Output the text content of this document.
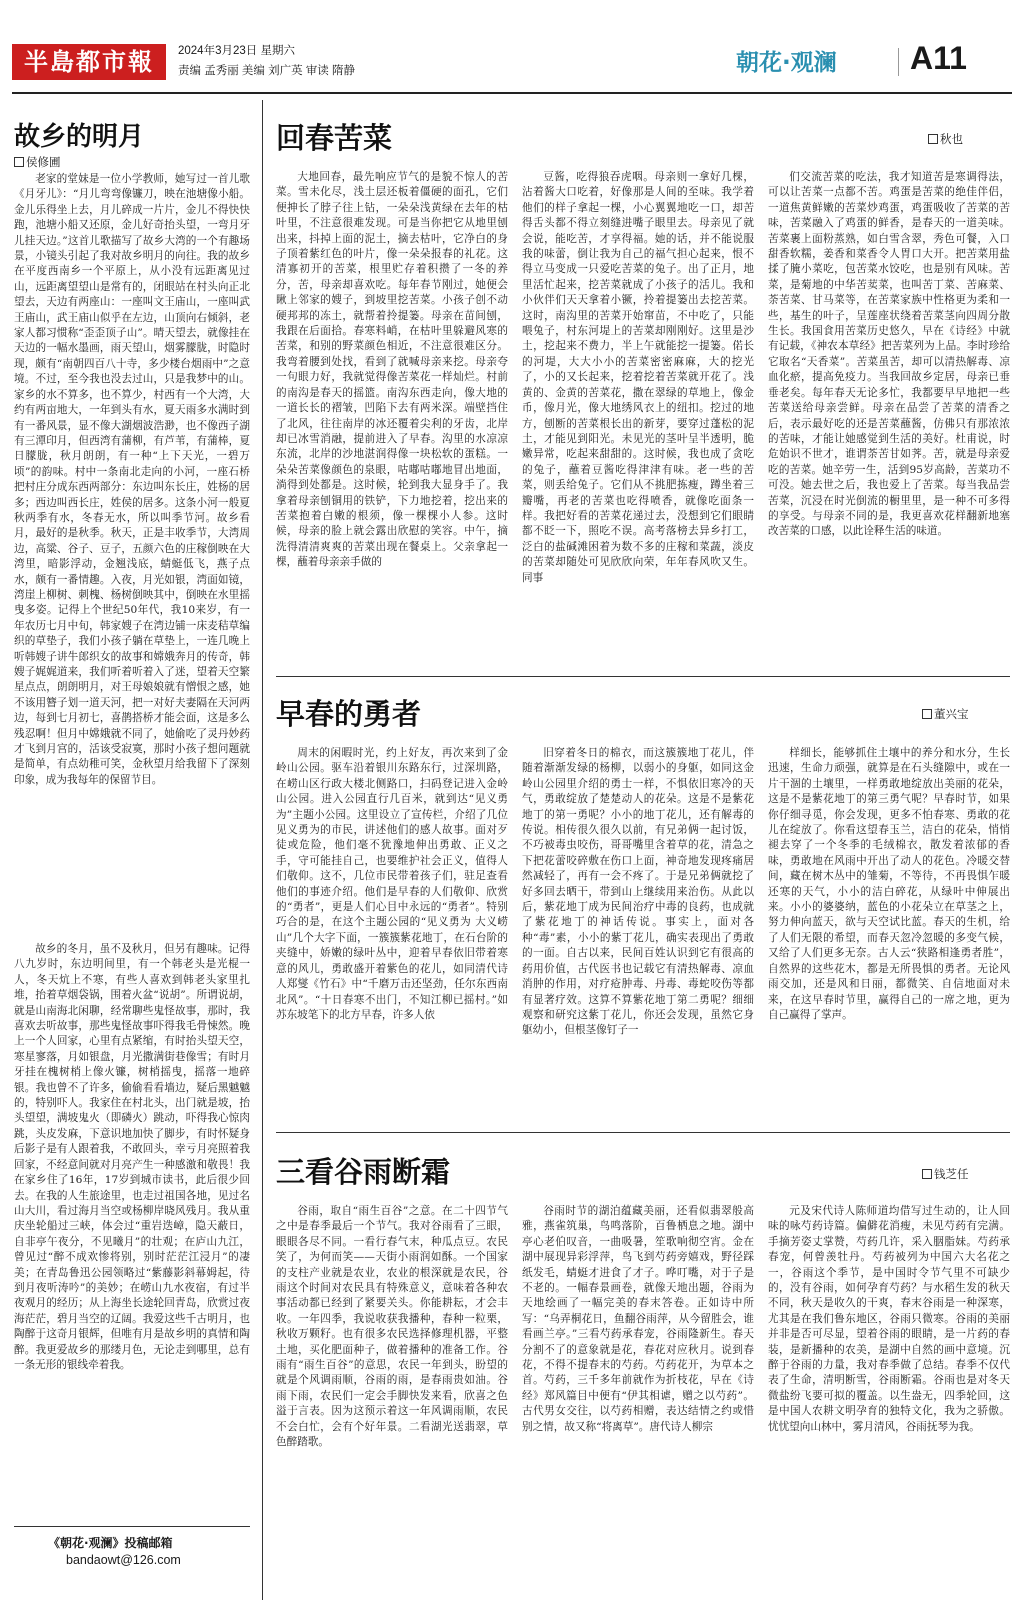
半島都市報	2024年3月23日 星期六
责编 孟秀丽 美编 刘广英 审读 隋静	朝花·观澜 A11
故乡的明月
侯修圃

老家的堂妹是一位小学教师，她写过一首儿歌《月牙儿》：“月儿弯弯像镰刀，映在池塘像小船。金儿乐得坐上去，月儿碎成一片片，金儿不得快快跑，池塘小船又还原，金儿好奇抬头望，一弯月牙儿挂天边。”这首儿歌描写了故乡大湾的一个有趣场景，小镜头引起了我对故乡明月的向往。我的故乡在平度西南乡一个平原上，从小没有远距离见过山，远距离望望山是常有的，闭眼站在村头向正北望去，天边有两座山：一座叫文王庙山，一座叫武王庙山，武王庙山似乎在左边，山顶向右倾斜，老家人都习惯称“歪歪顶子山”。晴天望去，就像挂在天边的一幅水墨画，雨天望山，烟雾朦胧，时隐时现，颇有“南朝四百八十寺，多少楼台烟雨中”之意境。不过，至今我也没去过山，只是我梦中的山。家乡的水不算多，也不算少，村西有一个大湾，大约有两亩地大，一年到头有水，夏天雨多水满时到有一番风景，显不像大湖烟波浩渺，也不像西子湖有三潭印月，但西湾有蒲柳，有芦苇，有蒲棒，夏日朦胧，秋月朗朗，有一种“上下天光，一碧万顷”的韵味。村中一条南北走向的小河，一座石桥把村庄分成东西两部分：东边叫东长庄，姓杨的居多；西边叫西长庄，姓侯的居多。这条小河一般夏秋两季有水，冬春无水，所以叫季节河。故乡看月，最好的是秋季。秋天，正是丰收季节，大湾周边，高粱、谷子、豆子，五颜六色的庄稼倒映在大湾里，暗影浮动，金翘浅底，蜻蜓低飞，燕子点水，颇有一番情趣。入夜，月光如银，湾面如镜，湾崖上柳树、刺槐、杨树倒映其中，倒映在水里摇曳多姿。记得上个世纪50年代，我10来岁，有一年农历七月中旬，韩家嫂子在湾边铺一床麦秸草编织的草垫子，我们小孩子躺在草垫上，一连几晚上听韩嫂子讲牛郎织女的故事和嫦娥奔月的传奇，韩嫂子娓娓道来，我们听着听着入了迷，望着天空繁星点点，朗朗明月，对王母娘娘就有憎恨之感，她不该用簪子划一道天河，把一对好夫妻隔在天河两边，每到七月初七，喜鹊搭桥才能会面，这是多么残忍啊！但月中嫦娥就不同了，她偷吃了灵丹妙药才飞到月宫的，活该受寂寞，那时小孩子想问题就是简单，有点幼稚可笑，金秋望月给我留下了深刻印象，成为我每年的保留节目。

故乡的冬月，虽不及秋月，但另有趣味。记得八九岁时，东边明间里，有一个韩老头是光棍一人，冬天炕上不寒，有些人喜欢到韩老头家里扎堆，抬着草烟袋锅，围着火盆“说胡”。所谓说胡，就是山南海北闲聊，经常聊些鬼怪故事，那时，我喜欢去听故事，那些鬼怪故事吓得我毛骨悚然。晚上一个人回家，心里有点紧缩，有时抬头望天空，寒星寥落，月如银盘，月光撒满街巷像雪；有时月牙挂在槐树梢上像火镰，树梢摇曳，摇落一地碎银。我也曾不了许多，偷偷看看墙边，疑后黑魆魆的，特别吓人。我家住在村北头，出门就是坡，抬头望望，满坡鬼火（即磷火）跳动，吓得我心惊肉跳，头皮发麻，下意识地加快了脚步，有时怀疑身后影子是有人跟着我，不敢回头，幸亏月亮照着我回家，不经意间就对月亮产生一种感激和敬畏！我在家乡住了16年，17岁到城市读书，此后很少回去。在我的人生旅途里，也走过祖国各地，见过名山大川，看过海月当空或杨柳岸晓风残月。我从重庆坐轮船过三峡，体会过“重岩迭嶂，隐天蔽日，自非亭午夜分，不见曦月”的壮观；在庐山九江，曾见过“醉不成欢惨将别，别时茫茫江浸月”的凄美；在青岛鲁迅公园领略过“紫藤影斜幕姆起，待到月夜听涛吟”的美妙；在崂山九水夜宿，有过半夜观月的经历；从上海坐长途轮回青岛，欣赏过夜海茫茫，碧月当空的辽阔。我爱这些千古明月，也陶醉于这奇月银辉，但唯有月是故乡明的真情和陶醉。我更爱故乡的那缕月色，无论走到哪里，总有一条无形的银线牵着我。

《朝花·观澜》投稿邮箱
bandaowt@126.com
回春苦菜	秋也

大地回春，最先响应节气的是貌不惊人的苦菜。雪未化尽，浅土层还板着僵硬的面孔，它们便抻长了脖子往上钻，一朵朵浅黄绿在去年的枯叶里，不注意很难发现。可是当你把它从地里刨出来，抖掉上面的泥土，摘去枯叶，它净白的身子顶着紫红色的叶片，像一朵朵报春的礼花。这清寡初开的苦菜，根里贮存着积攒了一冬的养分，苦，母亲却喜欢吃。每年春节刚过，她便会瞅上邻家的嫂子，到坡里挖苦菜。小孩子创不动硬邦邦的冻土，就帮着拎提篓。母亲在苗间刨，我跟在后面拾。春寒料峭，在枯叶里躲避风寒的苦菜，和别的野菜颜色相近，不注意很难区分。我弯着腰到处找，看到了就喊母亲来挖。母亲夸一句眼力好，我就觉得像苦菜花一样灿烂。村前的南沟是春天的摇篮。南沟东西走向，像大地的一道长长的褶皱，凹陷下去有两米深。端壁挡住了北风，往往南岸的冰还覆着尖利的牙齿，北岸却已冰雪消融，提前进入了早春。沟里的水凉凉东流，北岸的沙地湛润得像一块松软的蛋糕。一朵朵苦菜像颜色的泉眼，咕嘟咕嘟地冒出地面，淌得到处都是。这时候，轮到我大显身手了。我拿着母亲刨铜用的铁铲，下力地挖着，挖出来的苦菜抱着白嫩的根须，像一棵棵小人参。这时候，母亲的脸上就会露出欣慰的笑容。中午，摘洗得清清爽爽的苦菜出现在餐桌上。父亲拿起一棵，蘸着母亲亲手做的

豆酱，吃得狼吞虎咽。母亲则一拿好几棵，沾着酱大口吃着，好像那是人间的至味。我学着他们的样子拿起一棵，小心翼翼地吃一口，却苦得舌头都不得立刻缝进嘴子眼里去。母亲见了就会说，能吃苦，才享得福。她的话，并不能说服我的味蕾，倒让我为自己的福气担心起来，恨不得立马变成一只爱吃苦菜的兔子。出了正月，地里活忙起来，挖苦菜就成了小孩子的活儿。我和小伙伴们天天拿着小镢，拎着提篓出去挖苦菜。这时，南沟里的苦菜开始窜苗，不中吃了，只能喂兔子，村东河堤上的苦菜却刚刚好。这里是沙土，挖起来不费力，半上午就能挖一提篓。偌长的河堤，大大小小的苦菜密密麻麻，大的挖光了，小的又长起来，挖着挖着苦菜就开花了。浅黄的、金黄的苦菜花，撒在翠绿的草地上，像金币，像月光，像大地绣风衣上的纽扣。挖过的地方，刨断的苦菜根长出的新芽，要穿过蓬松的泥土，才能见到阳光。未见光的茎叶呈半透明，脆嫩异常，吃起来甜甜的。这时候，我也成了贪吃的兔子，蘸着豆酱吃得津津有味。老一些的苦菜，则丢给兔子。它们从不挑肥拣瘦，蹲坐着三瓣嘴，再老的苦菜也吃得喷香，就像吃面条一样。我把好看的苦菜花递过去，没想到它们眼睛都不眨一下，照吃不误。高考落榜去异乡打工，泛白的盐碱滩困着为数不多的庄稼和菜蔬，淡皮的苦菜却随处可见欣欣向荣，年年春风吹又生。同事

们交流苦菜的吃法，我才知道苦是寒调得法，可以让苦菜一点都不苦。鸡蛋是苦菜的绝佳伴侣，一道焦黄鲜嫩的苦菜炒鸡蛋，鸡蛋吸收了苦菜的苦味，苦菜融入了鸡蛋的鲜香，是春天的一道美味。苦菜裹上面粉蒸熟，如白雪含翠，秀色可餐，入口甜香软糯，姜香和菜香令人胃口大开。把苦菜用盐揉了腌小菜吃，包苦菜水饺吃，也是别有风味。苦菜，是菊地的中华苦荬菜，也叫苦丁菜、苦麻菜、荼苦菜、甘马菜等，在苦菜家族中性格更为柔和一些，基生的叶子，呈莲座状绕着苦菜茎向四周分散生长。我国食用苦菜历史悠久，早在《诗经》中就有记载，《神农本草经》把苦菜列为上品。李时珍给它取名“天香菜”。苦菜虽苦，却可以清热解毒、凉血化瘀，提高免疫力。当我回故乡定居，母亲已垂垂老矣。每年春天无论多忙，我都要早早地把一些苦菜送给母亲尝鲜。母亲在品尝了苦菜的清香之后，表示最好吃的还是苦菜蘸酱，仿佛只有那浓浓的苦味，才能让她感觉到生活的美好。杜甫说，时危始识不世才，谁谓荼苦甘如荠。苦，就是母亲爱吃的苦菜。她辛劳一生，活到95岁高龄，苦菜功不可没。她去世之后，我也爱上了苦菜。每当我品尝苦菜，沉浸在时光倒流的橱里里，是一种不可多得的享受。与母亲不同的是，我更喜欢花样翻新地塞改苦菜的口感，以此诠释生活的味道。

早春的勇者	董兴宝

周末的闲暇时光，约上好友，再次来到了金岭山公园。驱车沿着银川东路东行，过深圳路，在崂山区行政大楼北侧路口，扫码登记进入金岭山公园。进入公园直行几百米，就到达“见义勇为”主题小公园。这里设立了宣传栏，介绍了几位见义勇为的市民，讲述他们的感人故事。面对歹徒或危险，他们毫不犹豫地伸出勇敢、正义之手，守可能挂自己，也要维护社会正义，值得人们敬仰。这不，几位市民带着孩子们，驻足查看他们的事迹介绍。他们是早春的人们敬仰、欣赏的“勇者”，更是人们心目中永远的“勇者”。特别巧合的是，在这个主题公园的“见义勇为 大义崂山”几个大字下面，一簇簇紫花地丁，在石台阶的夹缝中，娇嫩的绿叶丛中，迎着早春依旧带着寒意的风儿，勇敢盛开着紫色的花儿，如同清代诗人郑燮《竹石》中“千磨万击还坚劲，任尔东西南北风”。“十日春寒不出门，不知江柳已摇村。”如苏东坡笔下的北方早春，许多人依

旧穿着冬日的棉衣，而这簇簇地丁花儿，伴随着渐渐发绿的杨柳，以弱小的身躯，如同这金岭山公园里介绍的勇士一样，不惧依旧寒冷的天气，勇敢绽放了楚楚动人的花朵。这是不是紫花地丁的第一勇呢？小小的地丁花儿，还有解毒的传说。相传很久很久以前，有兄弟俩一起讨饭，不巧被毒虫咬伤，哥哥嘴里含着草的花，清急之下把花蕾咬碎敷在伤口上面，神奇地发现疼痛居然减轻了，再有一会不疼了。于是兄弟俩就挖了好多回去晒干，带到山上继续用来治伤。从此以后，紫花地丁成为民间治疗中毒的良药，也成就了紫花地丁的神话传说。事实上，面对各种“毒”素，小小的紫丁花儿，确实表现出了勇敢的一面。自古以来，民间百姓认识到它有很高的药用价值，古代医书也记载它有清热解毒、凉血消肿的作用，对疗疮肿毒、丹毒、毒蛇咬伤等都有显著疗效。这算不算紫花地丁第二勇呢？细细观察和研究这紫丁花儿，你还会发现，虽然它身躯幼小，但根茎像钉子一

样细长，能够抓住土壤中的养分和水分，生长迅速，生命力顽强，就算是在石头缝隙中，或在一片干涸的土壤里，一样勇敢地绽放出美丽的花朵，这是不是紫花地丁的第三勇气呢？早春时节，如果你仔细寻觅，你会发现，更多不怕春寒、勇敢的花儿在绽放了。你看这望春玉兰，洁白的花朵，悄悄褪去穿了一个冬季的毛绒棉衣，散发着浓郁的香味，勇敢地在风雨中开出了动人的花色。冷暖交替间，藏在树木丛中的雏菊，不等待，不再畏惧乍暖还寒的天气，小小的洁白碎花，从绿叶中伸展出来。小小的婆婆纳，蓝色的小花朵立在草茎之上，努力伸向蓝天，欲与天空试比蓝。春天的生机，给了人们无限的希望，而春天忽冷忽暖的多变气候，又给了人们更多无奈。古人云“狭路相逢勇者胜”，自然界的这些花木，都是无所畏惧的勇者。无论风雨交加，还是风和日丽，都微笑、自信地面对未来，在这早春时节里，赢得自己的一席之地，更为自己赢得了掌声。

三看谷雨断霜	钱芝任

谷雨，取自“雨生百谷”之意。在二十四节气之中是春季最后一个节气。我对谷雨看了三眼，眼眼各尽不同。一看行春气末，种瓜点豆。农民笑了，为何而笑——天街小雨润如酥。一个国家的支柱产业就是农业，农业的根深就是农民，谷雨这个时间对农民具有特殊意义，意味着各种农事活动都已经到了紧要关头。你能耕耘，才会丰收。一年四季，我说收获我播种，春种一粒栗，秋收万颗籽。也有很多农民选择修理机器，平整土地，买化肥面种子，做着播种的准备工作。谷雨有“雨生百谷”的意思，农民一年到头，盼望的就是个风调雨顺，谷雨的雨，是春雨贵如油。谷雨下雨，农民们一定会手脚快发来看，欣喜之色溢于言表。因为这预示着这一年风调雨顺，农民不会白忙，会有个好年景。二看湖光送翡翠，草色醉踏歌。

谷雨时节的湖泊蕴藏美丽，还看似翡翠般高雅，燕雀筑巢，鸟鸣落阶，百鲁栖息之地。湖中亭心老伯叹音，一曲吸暑，笙歌响彻空宵。金在湖中展现异彩浮萍，鸟飞到芍药旁嬉戏，野径踩纸发毛，蜻蜓才进食了才子。哗叮嘴，对于子是不老的。一幅春景画卷，就像天地出题，谷雨为天地绘画了一幅完美的春末答卷。正如诗中所写：“乌弄桐花日，鱼翻谷雨萍，从今留胜会，谁看画兰亭。”三看芍药承春宠，谷雨隆新生。春天分割不了的意象就是花，春花对应秋月。说到春花，不得不提春末的芍药。芍药花开，为草本之首。芍药，三千多年前就作为折枝花，早在《诗经》郑风篇目中便有“伊其相谑，赠之以芍药”。古代男女交往，以芍药相赠，表达结情之约或惜别之情，故又称“将离草”。唐代诗人柳宗

元及宋代诗人陈师道均借写过生动的，让人回味的咏芍药诗篇。偏僻花消瘦，未见芍药有完满。手摘芳姿丈掌赞，芍药几许，采入胭脂妹。芍药承春宠，何曾羡牡丹。芍药被列为中国六大名花之一，谷雨这个季节，是中国时令节气里不可缺少的，没有谷雨，如何孕育芍药？与水稻生发的秋天不同，秋天是收久的干爽，春末谷雨是一种深寒，尤其是在我们鲁东地区，谷雨只微寒。谷雨的美丽并非是否可尽显，望着谷雨的眼睛，是一片药的春装，是新播种的农美，是湖中自然的画中意境。沉醉于谷雨的力量，我对春季做了总结。春季不仅代表了生命，清明断雪，谷雨断霜。谷雨也是对冬天微盐纷飞要可拟的覆盖。以生盎无，四季轮回，这是中国人农耕文明孕育的独特文化，我为之骄傲。忧忧望向山林中，雾月清风，谷雨抚琴为我。
